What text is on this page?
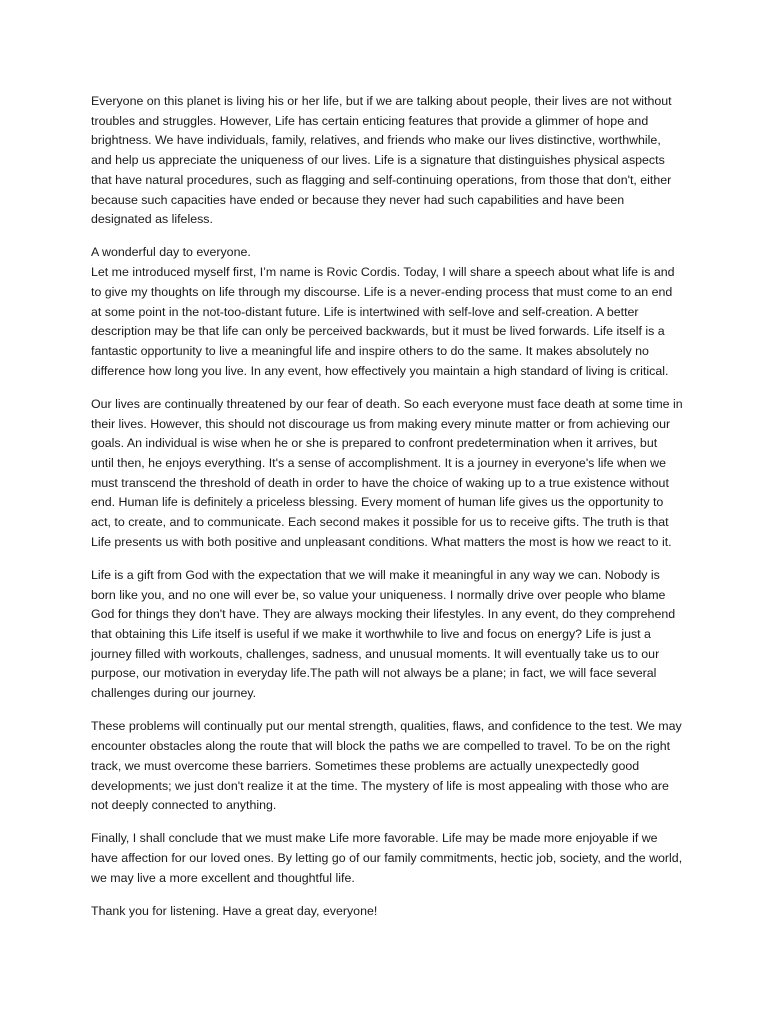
Everyone on this planet is living his or her life, but if we are talking about people, their lives are not without troubles and struggles. However, Life has certain enticing features that provide a glimmer of hope and brightness. We have individuals, family, relatives, and friends who make our lives distinctive, worthwhile, and help us appreciate the uniqueness of our lives. Life is a signature that distinguishes physical aspects that have natural procedures, such as flagging and self-continuing operations, from those that don't, either because such capacities have ended or because they never had such capabilities and have been designated as lifeless.

A wonderful day to everyone.
Let me introduced myself first, I’m name is Rovic Cordis. Today, I will share a speech about what life is and to give my thoughts on life through my discourse. Life is a never-ending process that must come to an end at some point in the not-too-distant future. Life is intertwined with self-love and self-creation. A better description may be that life can only be perceived backwards, but it must be lived forwards. Life itself is a fantastic opportunity to live a meaningful life and inspire others to do the same. It makes absolutely no difference how long you live. In any event, how effectively you maintain a high standard of living is critical.

Our lives are continually threatened by our fear of death. So each everyone must face death at some time in their lives. However, this should not discourage us from making every minute matter or from achieving our goals. An individual is wise when he or she is prepared to confront predetermination when it arrives, but until then, he enjoys everything. It's a sense of accomplishment. It is a journey in everyone's life when we must transcend the threshold of death in order to have the choice of waking up to a true existence without end. Human life is definitely a priceless blessing. Every moment of human life gives us the opportunity to act, to create, and to communicate. Each second makes it possible for us to receive gifts. The truth is that Life presents us with both positive and unpleasant conditions. What matters the most is how we react to it.

Life is a gift from God with the expectation that we will make it meaningful in any way we can. Nobody is born like you, and no one will ever be, so value your uniqueness. I normally drive over people who blame God for things they don't have. They are always mocking their lifestyles. In any event, do they comprehend that obtaining this Life itself is useful if we make it worthwhile to live and focus on energy? Life is just a journey filled with workouts, challenges, sadness, and unusual moments. It will eventually take us to our purpose, our motivation in everyday life.The path will not always be a plane; in fact, we will face several challenges during our journey.

These problems will continually put our mental strength, qualities, flaws, and confidence to the test. We may encounter obstacles along the route that will block the paths we are compelled to travel. To be on the right track, we must overcome these barriers. Sometimes these problems are actually unexpectedly good developments; we just don't realize it at the time. The mystery of life is most appealing with those who are not deeply connected to anything.

Finally, I shall conclude that we must make Life more favorable. Life may be made more enjoyable if we have affection for our loved ones. By letting go of our family commitments, hectic job, society, and the world, we may live a more excellent and thoughtful life.

Thank you for listening. Have a great day, everyone!
